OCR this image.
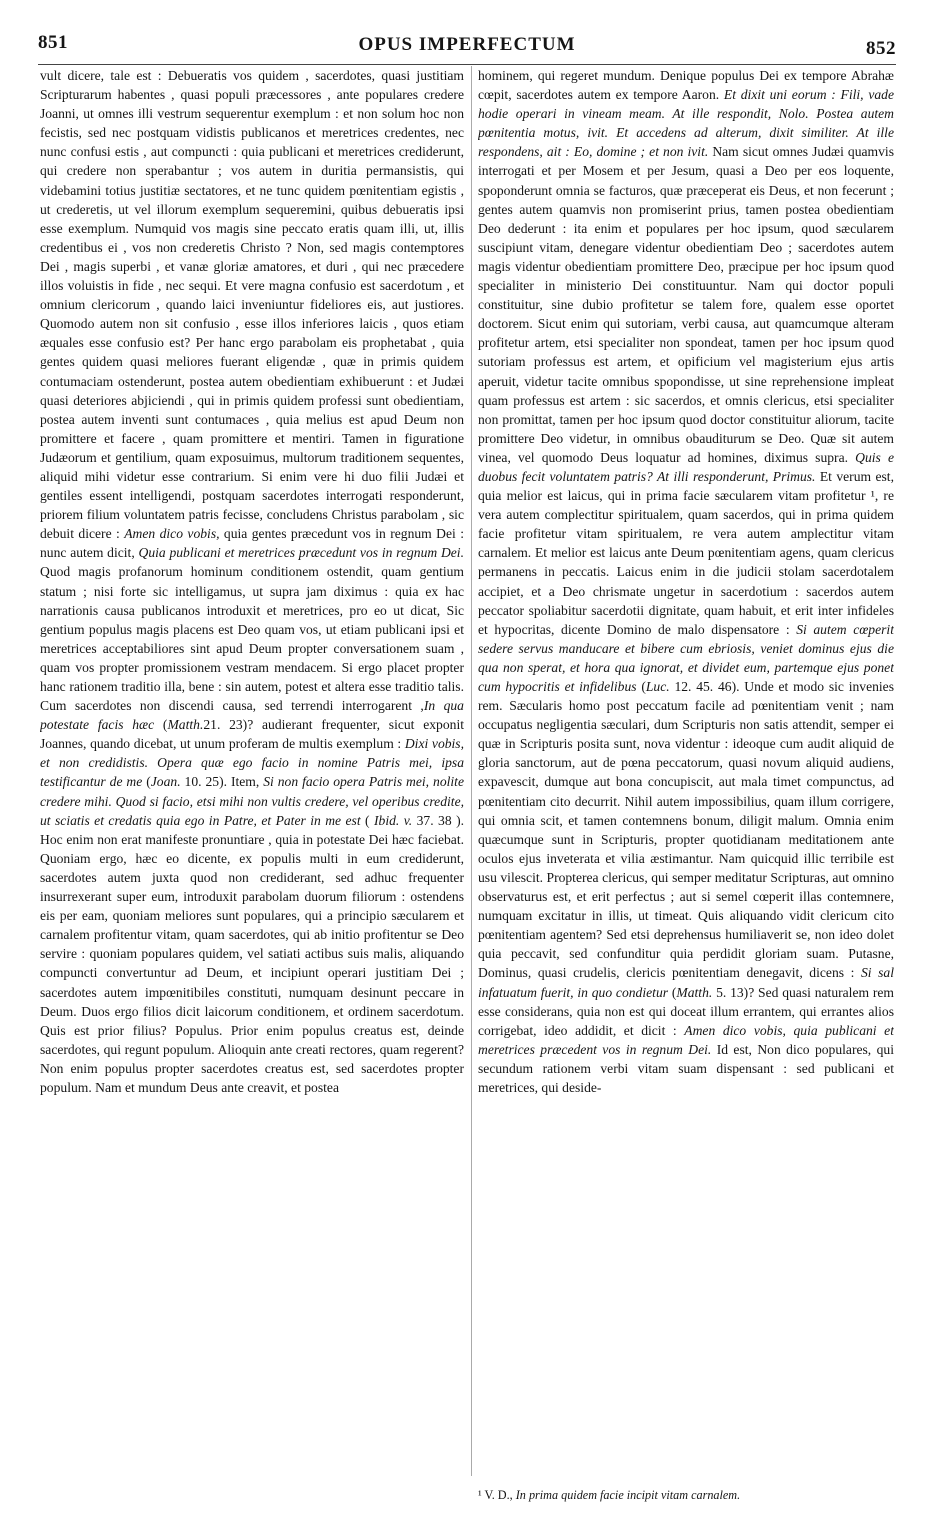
851	OPUS IMPERFECTUM	852

vult dicere, tale est : Debueratis vos quidem , sacerdotes, quasi justitiam Scripturarum habentes , quasi populi præcessores , ante populares credere Joanni, ut omnes illi vestrum sequerentur exemplum : et non solum hoc non fecistis, sed nec postquam vidistis publicanos et meretrices credentes, nec nunc confusi estis , aut compuncti : quia publicani et meretrices crediderunt, qui credere non sperabantur ; vos autem in duritia permansistis, qui videbamini totius justitiæ sectatores, et ne tunc quidem pœnitentiam egistis , ut crederetis, ut vel illorum exemplum sequeremini, quibus debueratis ipsi esse exemplum. Numquid vos magis sine peccato eratis quam illi, ut, illis credentibus ei , vos non crederetis Christo ? Non, sed magis contemptores Dei , magis superbi , et vanæ gloriæ amatores, et duri , qui nec præcedere illos voluistis in fide , nec sequi. Et vere magna confusio est sacerdotum , et omnium clericorum , quando laici inveniuntur fideliores eis, aut justiores. Quomodo autem non sit confusio , esse illos inferiores laicis , quos etiam æquales esse confusio est? Per hanc ergo parabolam eis prophetabat , quia gentes quidem quasi meliores fuerant eligendæ , quæ in primis quidem contumaciam ostenderunt, postea autem obedientiam exhibuerunt : et Judæi quasi deteriores abjiciendi , qui in primis quidem professi sunt obedientiam, postea autem inventi sunt contumaces , quia melius est apud Deum non promittere et facere , quam promittere et mentiri. Tamen in figuratione Judæorum et gentilium, quam exposuimus, multorum traditionem sequentes, aliquid mihi videtur esse contrarium. Si enim vere hi duo filii Judæi et gentiles essent intelligendi, postquam sacerdotes interrogati responderunt, priorem filium voluntatem patris fecisse, concludens Christus parabolam , sic debuit dicere : Amen dico vobis, quia gentes præcedunt vos in regnum Dei : nunc autem dicit, Quia publicani et meretrices præcedunt vos in regnum Dei. Quod magis profanorum hominum conditionem ostendit, quam gentium statum ; nisi forte sic intelligamus, ut supra jam diximus : quia ex hac narrationis causa publicanos introduxit et meretrices, pro eo ut dicat, Sic gentium populus magis placens est Deo quam vos, ut etiam publicani ipsi et meretrices acceptabiliores sint apud Deum propter conversationem suam , quam vos propter promissionem vestram mendacem. Si ergo placet propter hanc rationem traditio illa, bene : sin autem, potest et altera esse traditio talis. Cum sacerdotes non discendi causa, sed terrendi interrogarent ,In qua potestate facis hæc (Matth.21. 23)? audierant frequenter, sicut exponit Joannes, quando dicebat, ut unum proferam de multis exemplum : Dixi vobis, et non credidistis. Opera quæ ego facio in nomine Patris mei, ipsa testificantur de me (Joan. 10. 25). Item, Si non facio opera Patris mei, nolite credere mihi. Quod si facio, etsi mihi non vultis credere, vel operibus credite, ut sciatis et credatis quia ego in Patre, et Pater in me est ( Ibid. v. 37. 38 ). Hoc enim non erat manifeste pronuntiare , quia in potestate Dei hæc faciebat. Quoniam ergo, hæc eo dicente, ex populis multi in eum crediderunt, sacerdotes autem juxta quod non crediderant, sed adhuc frequenter insurrexerant super eum, introduxit parabolam duorum filiorum : ostendens eis per eam, quoniam meliores sunt populares, qui a principio sæcularem et carnalem profitentur vitam, quam sacerdotes, qui ab initio profitentur se Deo servire : quoniam populares quidem, vel satiati actibus suis malis, aliquando compuncti convertuntur ad Deum, et incipiunt operari justitiam Dei ; sacerdotes autem impœnitibiles constituti, numquam desinunt peccare in Deum. Duos ergo filios dicit laicorum conditionem, et ordinem sacerdotum. Quis est prior filius? Populus. Prior enim populus creatus est, deinde sacerdotes, qui regunt populum. Alioquin ante creati rectores, quam regerent? Non enim populus propter sacerdotes creatus est, sed sacerdotes propter populum. Nam et mundum Deus ante creavit, et postea

hominem, qui regeret mundum. Denique populus Dei ex tempore Abrahæ cœpit, sacerdotes autem ex tempore Aaron. Et dixit uni eorum : Fili, vade hodie operari in vineam meam. At ille respondit, Nolo. Postea autem pœnitentia motus, ivit. Et accedens ad alterum, dixit similiter. At ille respondens, ait : Eo, domine ; et non ivit. Nam sicut omnes Judæi quamvis interrogati et per Mosem et per Jesum, quasi a Deo per eos loquente, spoponderunt omnia se facturos, quæ præceperat eis Deus, et non fecerunt ; gentes autem quamvis non promiserint prius, tamen postea obedientiam Deo dederunt : ita enim et populares per hoc ipsum, quod sæcularem suscipiunt vitam, denegare videntur obedientiam Deo ; sacerdotes autem magis videntur obedientiam promittere Deo, præcipue per hoc ipsum quod specialiter in ministerio Dei constituuntur. Nam qui doctor populi constituitur, sine dubio profitetur se talem fore, qualem esse oportet doctorem. Sicut enim qui sutoriam, verbi causa, aut quamcumque alteram profitetur artem, etsi specialiter non spondeat, tamen per hoc ipsum quod sutoriam professus est artem, et opificium vel magisterium ejus artis aperuit, videtur tacite omnibus spopondisse, ut sine reprehensione impleat quam professus est artem : sic sacerdos, et omnis clericus, etsi specialiter non promittat, tamen per hoc ipsum quod doctor constituitur aliorum, tacite promittere Deo videtur, in omnibus obauditurum se Deo. Quæ sit autem vinea, vel quomodo Deus loquatur ad homines, diximus supra. Quis e duobus fecit voluntatem patris? At illi responderunt, Primus. Et verum est, quia melior est laicus, qui in prima facie sæcularem vitam profitetur ¹, re vera autem complectitur spiritualem, quam sacerdos, qui in prima quidem facie profitetur vitam spiritualem, re vera autem amplectitur vitam carnalem. Et melior est laicus ante Deum pœnitentiam agens, quam clericus permanens in peccatis. Laicus enim in die judicii stolam sacerdotalem accipiet, et a Deo chrismate ungetur in sacerdotium : sacerdos autem peccator spoliabitur sacerdotii dignitate, quam habuit, et erit inter infideles et hypocritas, dicente Domino de malo dispensatore : Si autem cœperit sedere servus manducare et bibere cum ebriosis, veniet dominus ejus die qua non sperat, et hora qua ignorat, et dividet eum, partemque ejus ponet cum hypocritis et infidelibus (Luc. 12. 45. 46). Unde et modo sic invenies rem. Sæcularis homo post peccatum facile ad pœnitentiam venit ; nam occupatus negligentia sæculari, dum Scripturis non satis attendit, semper ei quæ in Scripturis posita sunt, nova videntur : ideoque cum audit aliquid de gloria sanctorum, aut de pœna peccatorum, quasi novum aliquid audiens, expavescit, dumque aut bona concupiscit, aut mala timet compunctus, ad pœnitentiam cito decurrit. Nihil autem impossibilius, quam illum corrigere, qui omnia scit, et tamen contemnens bonum, diligit malum. Omnia enim quæcumque sunt in Scripturis, propter quotidianam meditationem ante oculos ejus inveterata et vilia æstimantur. Nam quicquid illic terribile est usu vilescit. Propterea clericus, qui semper meditatur Scripturas, aut omnino observaturus est, et erit perfectus ; aut si semel cœperit illas contemnere, numquam excitatur in illis, ut timeat. Quis aliquando vidit clericum cito pœnitentiam agentem? Sed etsi deprehensus humiliaverit se, non ideo dolet quia peccavit, sed confunditur quia perdidit gloriam suam. Putasne, Dominus, quasi crudelis, clericis pœnitentiam denegavit, dicens : Si sal infatuatum fuerit, in quo condietur (Matth. 5. 13)? Sed quasi naturalem rem esse considerans, quia non est qui doceat illum errantem, qui errantes alios corrigebat, ideo addidit, et dicit : Amen dico vobis, quia publicani et meretrices præcedent vos in regnum Dei. Id est, Non dico populares, qui secundum rationem verbi vitam suam dispensant : sed publicani et meretrices, qui deside-

¹ V. D., In prima quidem facie incipit vitam carnalem.
